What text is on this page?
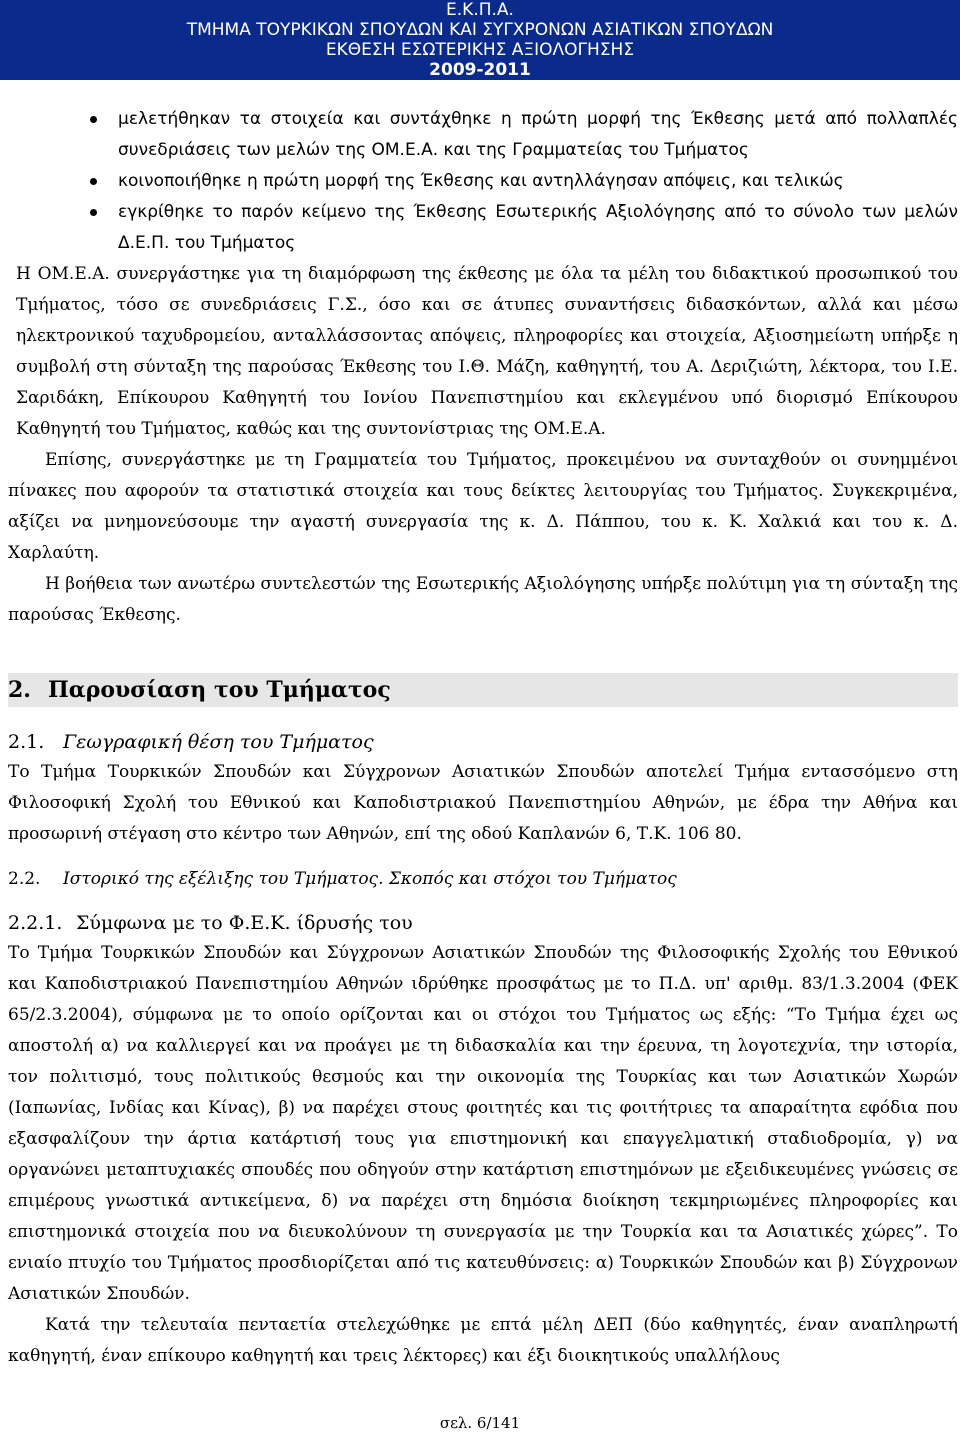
Ε.Κ.Π.Α.
ΤΜΗΜΑ ΤΟΥΡΚΙΚΩΝ ΣΠΟΥΔΩΝ ΚΑΙ ΣΥΓΧΡΟΝΩΝ ΑΣΙΑΤΙΚΩΝ ΣΠΟΥΔΩΝ
ΕΚΘΕΣΗ ΕΣΩΤΕΡΙΚΗΣ ΑΞΙΟΛΟΓΗΣΗΣ
2009-2011
μελετήθηκαν τα στοιχεία και συντάχθηκε η πρώτη μορφή της Έκθεσης μετά από πολλαπλές συνεδριάσεις των μελών της ΟΜ.Ε.Α. και της Γραμματείας του Τμήματος
κοινοποιήθηκε η πρώτη μορφή της Έκθεσης και αντηλλάγησαν απόψεις, και τελικώς
εγκρίθηκε το παρόν κείμενο της Έκθεσης Εσωτερικής Αξιολόγησης από το σύνολο των μελών Δ.Ε.Π. του Τμήματος

Η ΟΜ.Ε.Α. συνεργάστηκε για τη διαμόρφωση της έκθεσης με όλα τα μέλη του διδακτικού προσωπικού του Τμήματος, τόσο σε συνεδριάσεις Γ.Σ., όσο και σε άτυπες συναντήσεις διδασκόντων, αλλά και μέσω ηλεκτρονικού ταχυδρομείου, ανταλλάσσοντας απόψεις, πληροφορίες και στοιχεία, Αξιοσημείωτη υπήρξε η συμβολή στη σύνταξη της παρούσας Έκθεσης του Ι.Θ. Μάζη, καθηγητή, του Α. Δεριζιώτη, λέκτορα, του Ι.Ε. Σαριδάκη, Επίκουρου Καθηγητή του Ιονίου Πανεπιστημίου και εκλεγμένου υπό διορισμό Επίκουρου Καθηγητή του Τμήματος, καθώς και της συντονίστριας της ΟΜ.Ε.Α.

Επίσης, συνεργάστηκε με τη Γραμματεία του Τμήματος, προκειμένου να συνταχθούν οι συνημμένοι πίνακες που αφορούν τα στατιστικά στοιχεία και τους δείκτες λειτουργίας του Τμήματος. Συγκεκριμένα, αξίζει να μνημονεύσουμε την αγαστή συνεργασία της κ. Δ. Πάππου, του κ. Κ. Χαλκιά και του κ. Δ. Χαρλαύτη.

Η βοήθεια των ανωτέρω συντελεστών της Εσωτερικής Αξιολόγησης υπήρξε πολύτιμη για τη σύνταξη της παρούσας Έκθεσης.

2. Παρουσίαση του Τμήματος
2.1. Γεωγραφική θέση του Τμήματος

Το Τμήμα Τουρκικών Σπουδών και Σύγχρονων Ασιατικών Σπουδών αποτελεί Τμήμα εντασσόμενο στη Φιλοσοφική Σχολή του Εθνικού και Καποδιστριακού Πανεπιστημίου Αθηνών, με έδρα την Αθήνα και προσωρινή στέγαση στο κέντρο των Αθηνών, επί της οδού Καπλανών 6, Τ.Κ. 106 80.

2.2. Ιστορικό της εξέλιξης του Τμήματος. Σκοπός και στόχοι του Τμήματος
2.2.1. Σύμφωνα με το Φ.Ε.Κ. ίδρυσής του

Το Τμήμα Τουρκικών Σπουδών και Σύγχρονων Ασιατικών Σπουδών της Φιλοσοφικής Σχολής του Εθνικού και Καποδιστριακού Πανεπιστημίου Αθηνών ιδρύθηκε προσφάτως με το Π.Δ. υπ' αριθμ. 83/1.3.2004 (ΦΕΚ 65/2.3.2004), σύμφωνα με το οποίο ορίζονται και οι στόχοι του Τμήματος ως εξής: “Το Τμήμα έχει ως αποστολή α) να καλλιεργεί και να προάγει με τη διδασκαλία και την έρευνα, τη λογοτεχνία, την ιστορία, τον πολιτισμό, τους πολιτικούς θεσμούς και την οικονομία της Τουρκίας και των Ασιατικών Χωρών (Ιαπωνίας, Ινδίας και Κίνας), β) να παρέχει στους φοιτητές και τις φοιτήτριες τα απαραίτητα εφόδια που εξασφαλίζουν την άρτια κατάρτισή τους για επιστημονική και επαγγελματική σταδιοδρομία, γ) να οργανώνει μεταπτυχιακές σπουδές που οδηγούν στην κατάρτιση επιστημόνων με εξειδικευμένες γνώσεις σε επιμέρους γνωστικά αντικείμενα, δ) να παρέχει στη δημόσια διοίκηση τεκμηριωμένες πληροφορίες και επιστημονικά στοιχεία που να διευκολύνουν τη συνεργασία με την Τουρκία και τα Ασιατικές χώρες”. Το ενιαίο πτυχίο του Τμήματος προσδιορίζεται από τις κατευθύνσεις: α) Τουρκικών Σπουδών και β) Σύγχρονων Ασιατικών Σπουδών.

Κατά την τελευταία πενταετία στελεχώθηκε με επτά μέλη ΔΕΠ (δύο καθηγητές, έναν αναπληρωτή καθηγητή, έναν επίκουρο καθηγητή και τρεις λέκτορες) και έξι διοικητικούς υπαλλήλους

σελ. 6/141
